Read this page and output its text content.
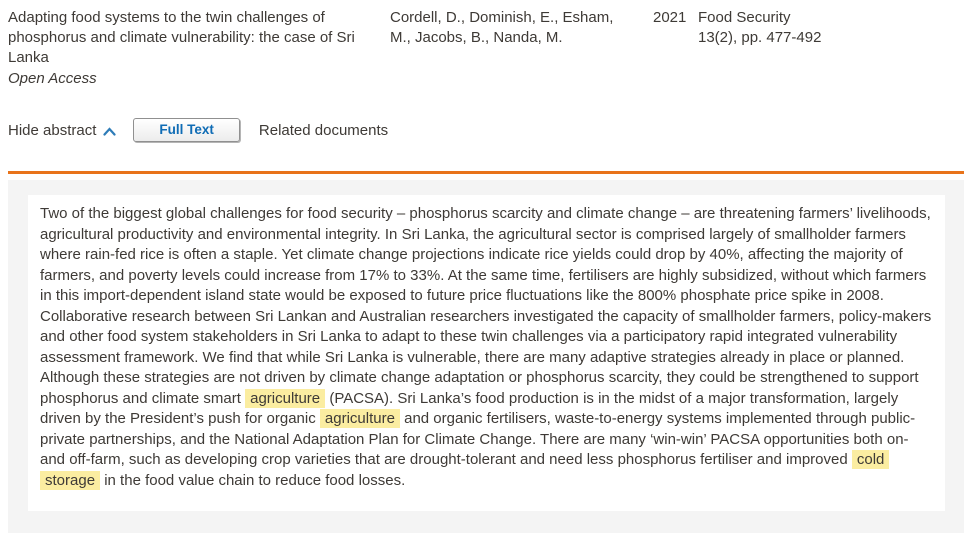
Adapting food systems to the twin challenges of phosphorus and climate vulnerability: the case of Sri Lanka
Open Access
Cordell, D., Dominish, E., Esham, M., Jacobs, B., Nanda, M.
2021 Food Security
13(2), pp. 477-492
Hide abstract	Full Text	Related documents

Two of the biggest global challenges for food security – phosphorus scarcity and climate change – are threatening farmers’ livelihoods, agricultural productivity and environmental integrity. In Sri Lanka, the agricultural sector is comprised largely of smallholder farmers where rain-fed rice is often a staple. Yet climate change projections indicate rice yields could drop by 40%, affecting the majority of farmers, and poverty levels could increase from 17% to 33%. At the same time, fertilisers are highly subsidized, without which farmers in this import-dependent island state would be exposed to future price fluctuations like the 800% phosphate price spike in 2008. Collaborative research between Sri Lankan and Australian researchers investigated the capacity of smallholder farmers, policy-makers and other food system stakeholders in Sri Lanka to adapt to these twin challenges via a participatory rapid integrated vulnerability assessment framework. We find that while Sri Lanka is vulnerable, there are many adaptive strategies already in place or planned. Although these strategies are not driven by climate change adaptation or phosphorus scarcity, they could be strengthened to support phosphorus and climate smart agriculture (PACSA). Sri Lanka’s food production is in the midst of a major transformation, largely driven by the President’s push for organic agriculture and organic fertilisers, waste-to-energy systems implemented through public-private partnerships, and the National Adaptation Plan for Climate Change. There are many ‘win-win’ PACSA opportunities both on- and off-farm, such as developing crop varieties that are drought-tolerant and need less phosphorus fertiliser and improved cold storage in the food value chain to reduce food losses.
